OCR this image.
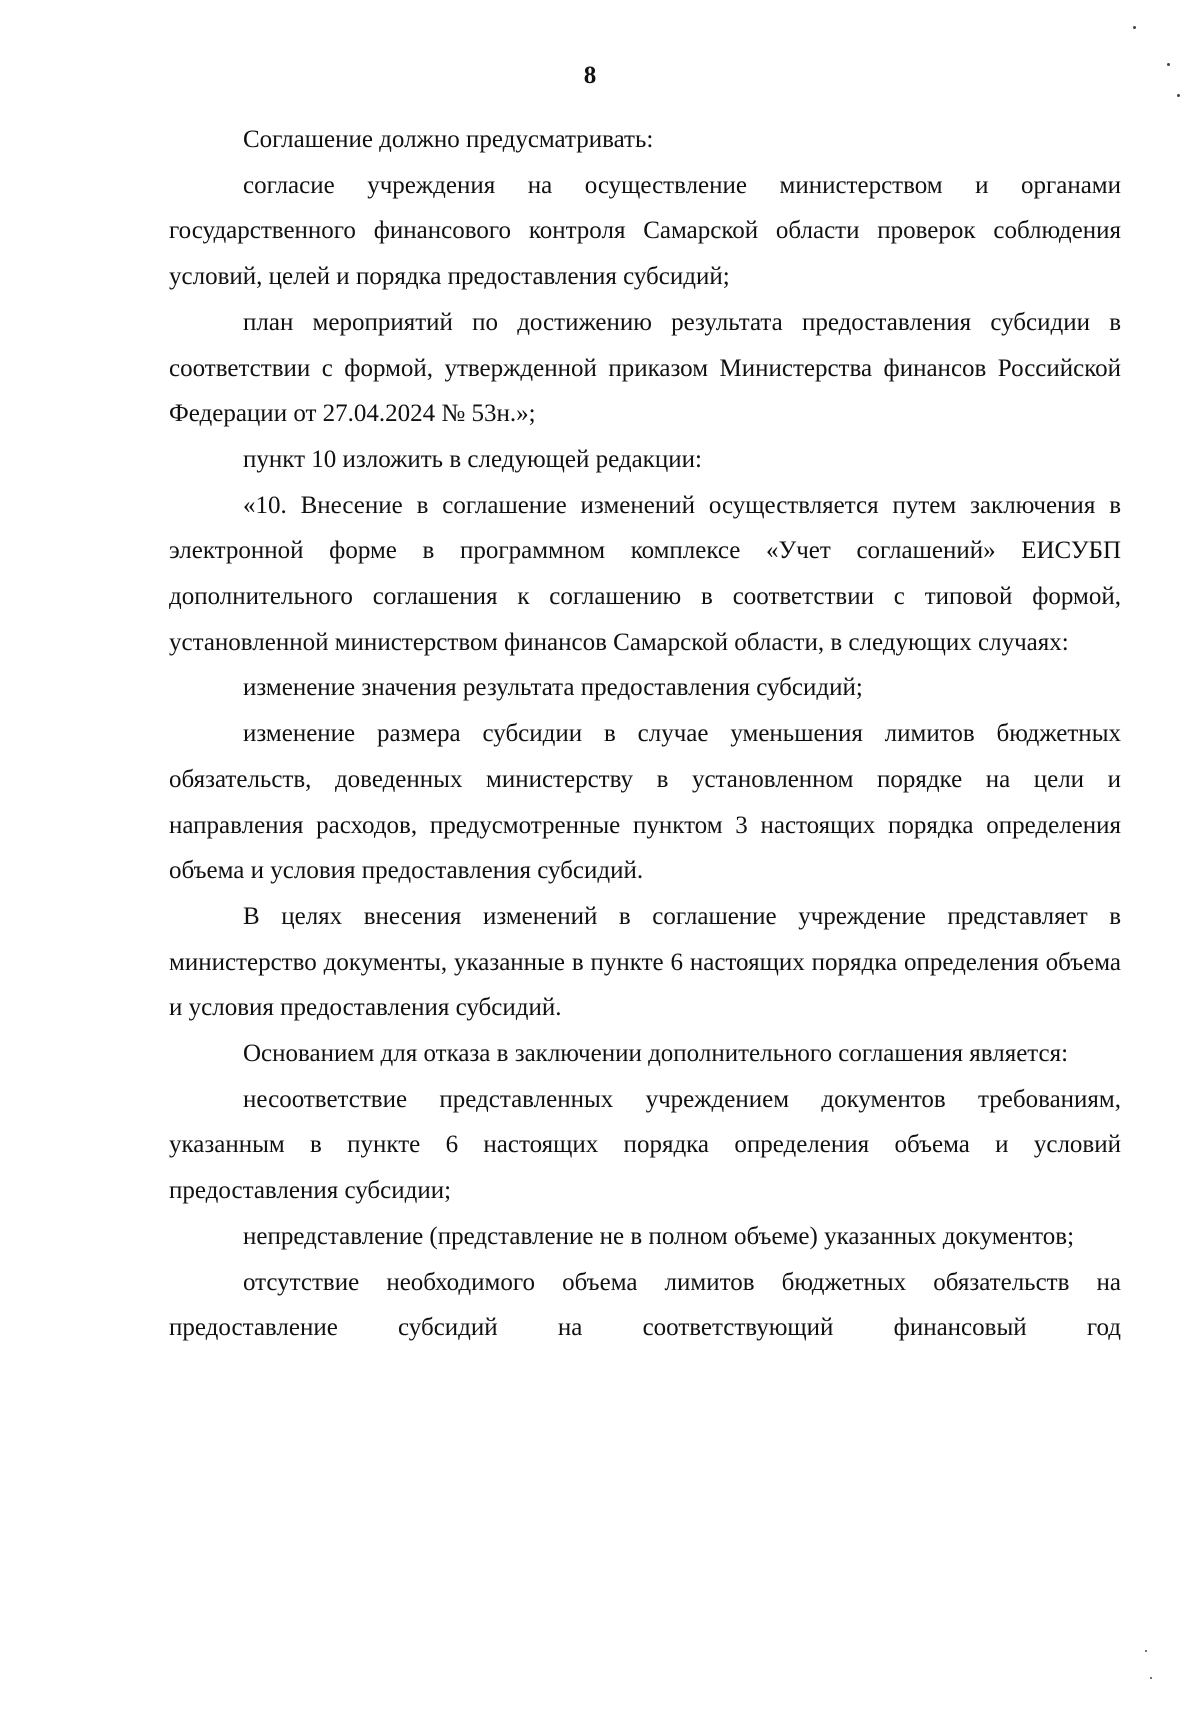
8

Соглашение должно предусматривать:

согласие учреждения на осуществление министерством и органами государственного финансового контроля Самарской области проверок соблюдения условий, целей и порядка предоставления субсидий;

план мероприятий по достижению результата предоставления субсидии в соответствии с формой, утвержденной приказом Министерства финансов Российской Федерации от 27.04.2024 № 53н.»;

пункт 10 изложить в следующей редакции:

«10. Внесение в соглашение изменений осуществляется путем заключения в электронной форме в программном комплексе «Учет соглашений» ЕИСУБП дополнительного соглашения к соглашению в соответствии с типовой формой, установленной министерством финансов Самарской области, в следующих случаях:

изменение значения результата предоставления субсидий;

изменение размера субсидии в случае уменьшения лимитов бюджетных обязательств, доведенных министерству в установленном порядке на цели и направления расходов, предусмотренные пунктом 3 настоящих порядка определения объема и условия предоставления субсидий.

В целях внесения изменений в соглашение учреждение представляет в министерство документы, указанные в пункте 6 настоящих порядка определения объема и условия предоставления субсидий.

Основанием для отказа в заключении дополнительного соглашения является:

несоответствие представленных учреждением документов требованиям, указанным в пункте 6 настоящих порядка определения объема и условий предоставления субсидии;

непредставление (представление не в полном объеме) указанных документов;

отсутствие необходимого объема лимитов бюджетных обязательств на предоставление субсидий на соответствующий финансовый год
